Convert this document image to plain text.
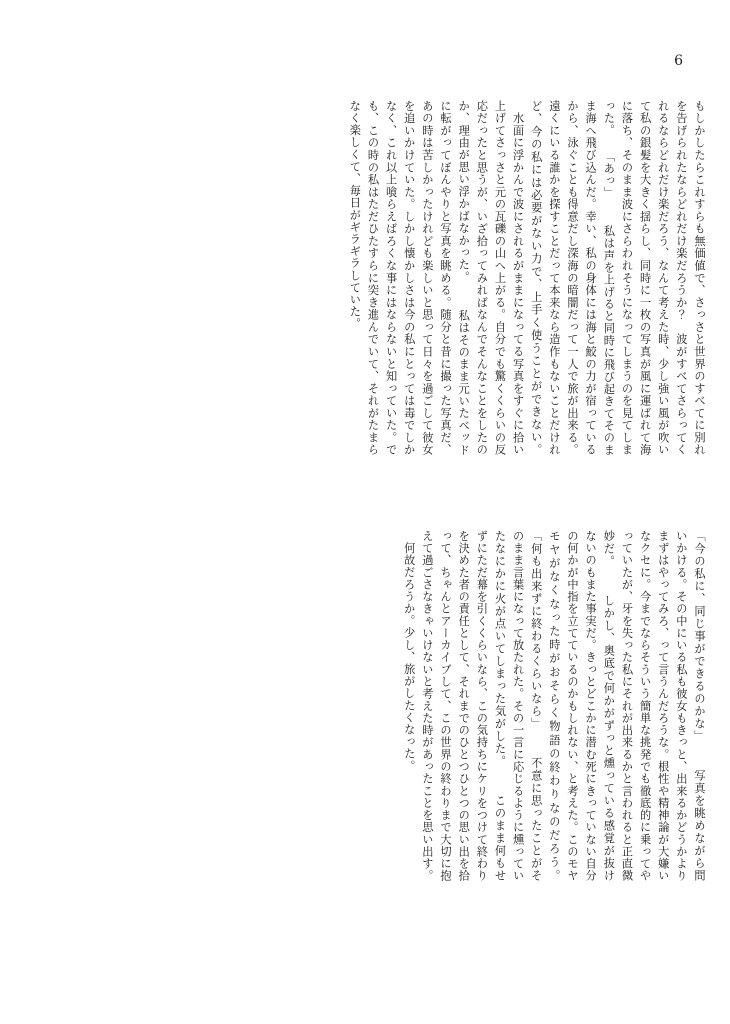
6

もしかしたらこれすらも無価値で、さっさと世界のすべてに別れを告げられたならどれだけ楽だろうか？　波がすべてさらってくれるならどれだけ楽だろう、なんて考えた時、少し強い風が吹いて私の銀髪を大きく揺らし、同時に一枚の写真が風に運ばれて海に落ち、そのまま波にさらわれそうになってしまうのを見てしまった。 「あっ」 　私は声を上げると同時に飛び起きてそのまま海へ飛び込んだ。幸い、私の身体には海と鮫の力が宿っているから、泳ぐことも得意だし深海の暗闇だって一人で旅が出来る。遠くにいる誰かを探すことだって本来なら造作もないことだけれど、今の私には必要がない力で、上手く使うことができない。 　水面に浮かんで波にされるがままになってる写真をすぐに拾い上げてさっさと元の瓦礫の山へ上がる。自分でも驚くくらいの反応だったと思うが、いざ拾ってみればなんでそんなことをしたのか、理由が思い浮かばなかった。 　私はそのまま元いたベッドに転がってぼんやりと写真を眺める。随分と昔に撮った写真だ、あの時は苦しかったけれども楽しいと思って日々を過ごして彼女を追いかけていた。しかし懐かしさは今の私にとっては毒でしかなく、これ以上喰らえばろくな事にはならないと知っていた。でも、この時の私はただひたすらに突き進んでいて、それがたまらなく楽しくて、毎日がギラギラしていた。

「今の私に、同じ事ができるのかな」 　写真を眺めながら問いかける。その中にいる私も彼女もきっと、出来るかどうかよりまずはやってみろ、って言うんだろうな。根性や精神論が大嫌いなクセに。今までならそういう簡単な挑発でも徹底的に乗ってやっていたが、牙を失った私にそれが出来るかと言われると正直微妙だ。 　しかし、奥底で何かがずっと燻っている感覚が抜けないのもまた事実だ。きっとどこかに潜む死にきっていない自分の何かが中指を立てているのかもしれない、と考えた。このモヤモヤがなくなった時がおそらく物語の終わりなのだろう。 「何も出来ずに終わるくらいなら」 　不意に思ったことがそのまま言葉になって放たれた。その一言に応じるように燻っていたなにかに火が点いてしまった気がした。 　このまま何もせずにただ幕を引くくらいなら、この気持ちにケリをつけて終わりを決めた者の責任として、それまでのひとつひとつの思い出を拾って、ちゃんとアーカイブして、この世界の終わりまで大切に抱えて過ごさなきゃいけないと考えた時があったことを思い出す。 　何故だろうか。少し、旅がしたくなった。
